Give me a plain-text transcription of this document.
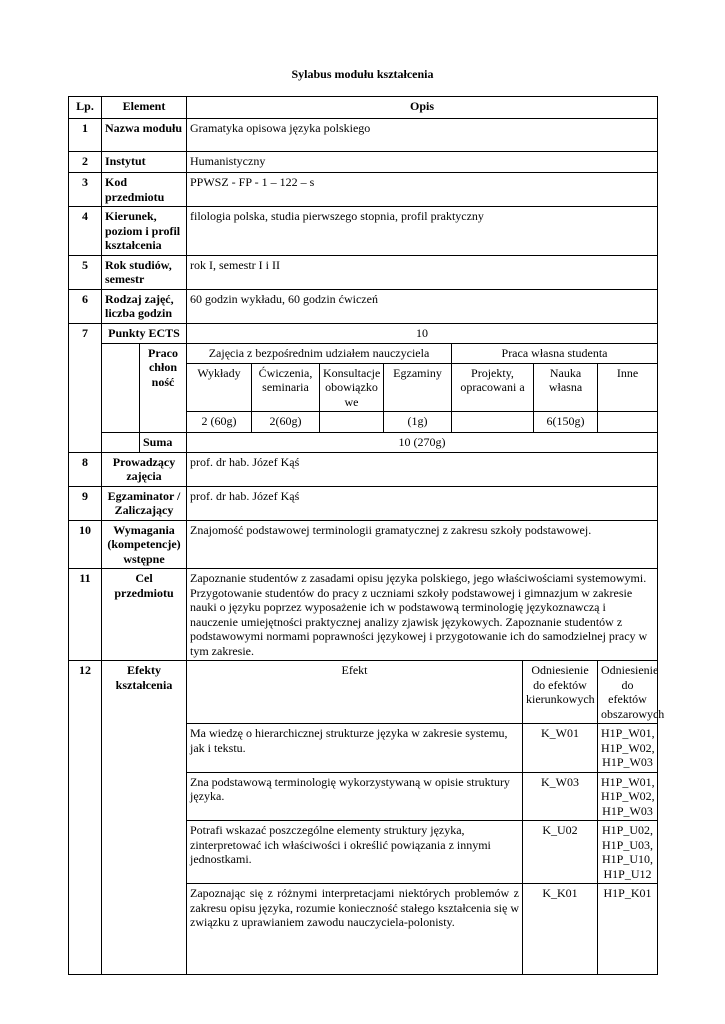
Sylabus modułu kształcenia
Lp.	Element		Opis							
1	Nazwa modułu		Gramatyka opisowa języka polskiego							
2	Instytut		Humanistyczny							
3	Kod przedmiotu		PPWSZ - FP - 1 – 122 – s							
4	Kierunek, poziom i profil kształcenia		filologia polska, studia pierwszego stopnia, profil praktyczny							
5	Rok studiów, semestr		rok I, semestr I i II							
6	Rodzaj zajęć, liczba godzin		60 godzin wykładu, 60 godzin ćwiczeń							
7	Punkty ECTS		10							
		Praco chłon ność	Zajęcia z bezpośrednim udziałem nauczyciela				Praca własna studenta			
			Wykłady	Ćwiczenia, seminaria	Konsultacje obowiązko we	Egzaminy	Projekty, opracowani a		Nauka własna	Inne
			2 (60g)	2(60g)		(1g)			6(150g)	
		Suma	10 (270g)							
8	Prowadzący zajęcia		prof. dr hab. Józef Kąś							
9	Egzaminator / Zaliczający		prof. dr hab. Józef Kąś							
10	Wymagania (kompetencje) wstępne		Znajomość podstawowej terminologii gramatycznej z zakresu szkoły podstawowej.							
11	Cel przedmiotu		Zapoznanie studentów z zasadami opisu języka polskiego, jego właściwościami systemowymi. Przygotowanie studentów do pracy z uczniami szkoły podstawowej i gimnazjum w zakresie nauki o języku poprzez wyposażenie ich w podstawową terminologię językoznawczą i nauczenie umiejętności praktycznej analizy zjawisk językowych. Zapoznanie studentów z podstawowymi normami poprawności językowej i przygotowanie ich do samodzielnej pracy w tym zakresie.							
12	Efekty kształcenia		Efekt					Odniesienie do efektów kierunkowych		Odniesienie do efektów obszarowych
			Ma wiedzę o hierarchicznej strukturze języka w zakresie systemu, jak i tekstu.					K_W01		H1P_W01, H1P_W02, H1P_W03
			Zna podstawową terminologię wykorzystywaną w opisie struktury języka.					K_W03		H1P_W01, H1P_W02, H1P_W03
			Potrafi wskazać poszczególne elementy struktury języka, zinterpretować ich właściwości i określić powiązania z innymi jednostkami.					K_U02		H1P_U02, H1P_U03, H1P_U10, H1P_U12
			Zapoznając się z różnymi interpretacjami niektórych problemów z zakresu opisu języka, rozumie konieczność stałego kształcenia się w związku z uprawianiem zawodu nauczyciela-polonisty.					K_K01		H1P_K01
